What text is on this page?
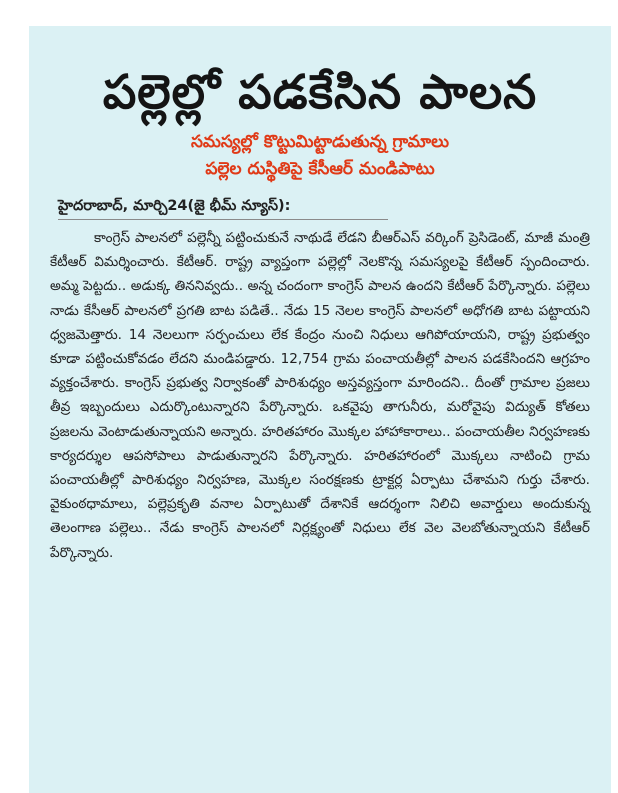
పల్లెల్లో పడకేసిన పాలన

సమస్యల్లో కొట్టుమిట్టాడుతున్న గ్రామాలు

పల్లెల దుస్థితిపై కేసీఆర్ మండిపాటు

హైదరాబాద్, మార్చి24(జై భీమ్ న్యూస్):

కాంగ్రెస్ పాలనలో పల్లెన్నీ పట్టించుకునే నాథుడే లేడని బీఆర్ఎస్ వర్కింగ్ ప్రెసిడెంట్, మాజీ మంత్రి కేటీఆర్ విమర్శించారు. కేటీఆర్. రాష్ట్ర వ్యాప్తంగా పల్లెల్లో నెలకొన్న సమస్యలపై కేటీఆర్ స్పందించారు. అమ్మ పెట్టదు.. అడుక్క తిననివ్వదు.. అన్న చందంగా కాంగ్రెస్ పాలన ఉందని కేటీఆర్ పేర్కొన్నారు. పల్లెలు నాడు కేసీఆర్ పాలనలో ప్రగతి బాట పడితే.. నేడు 15 నెలల కాంగ్రెస్ పాలనలో అధోగతి బాట పట్టాయని ధ్వజమెత్తారు. 14 నెలలుగా సర్పంచులు లేక కేంద్రం నుంచి నిధులు ఆగిపోయాయని, రాష్ట్ర ప్రభుత్వం కూడా పట్టించుకోవడం లేదని మండిపడ్డారు. 12,754 గ్రామ పంచాయతీల్లో పాలన పడకేసిందని ఆగ్రహం వ్యక్తంచేశారు. కాంగ్రెస్ ప్రభుత్వ నిర్వాకంతో పారిశుధ్యం అస్తవ్యస్తంగా మారిందని.. దీంతో గ్రామాల ప్రజలు తీవ్ర ఇబ్బందులు ఎదుర్కొంటున్నారని పేర్కొన్నారు. ఒకవైపు తాగునీరు, మరోవైపు విద్యుత్ కోతలు ప్రజలను వెంటాడుతున్నాయని అన్నారు. హరితహారం మొక్కల హాహాకారాలు.. పంచాయతీల నిర్వహణకు కార్యదర్శుల ఆపసోపాలు పాడుతున్నారని పేర్కొన్నారు. హరితహారంలో మొక్కలు నాటించి గ్రామ పంచాయతీల్లో పారిశుధ్యం నిర్వహణ, మొక్కల సంరక్షణకు ట్రాక్టర్ల ఏర్పాటు చేశామని గుర్తు చేశారు. వైకుంఠధామాలు, పల్లెప్రకృతి వనాల ఏర్పాటుతో దేశానికే ఆదర్శంగా నిలిచి అవార్డులు అందుకున్న తెలంగాణ పల్లెలు.. నేడు కాంగ్రెస్ పాలనలో నిర్లక్ష్యంతో నిధులు లేక వెల వెలబోతున్నాయని కేటీఆర్ పేర్కొన్నారు.
